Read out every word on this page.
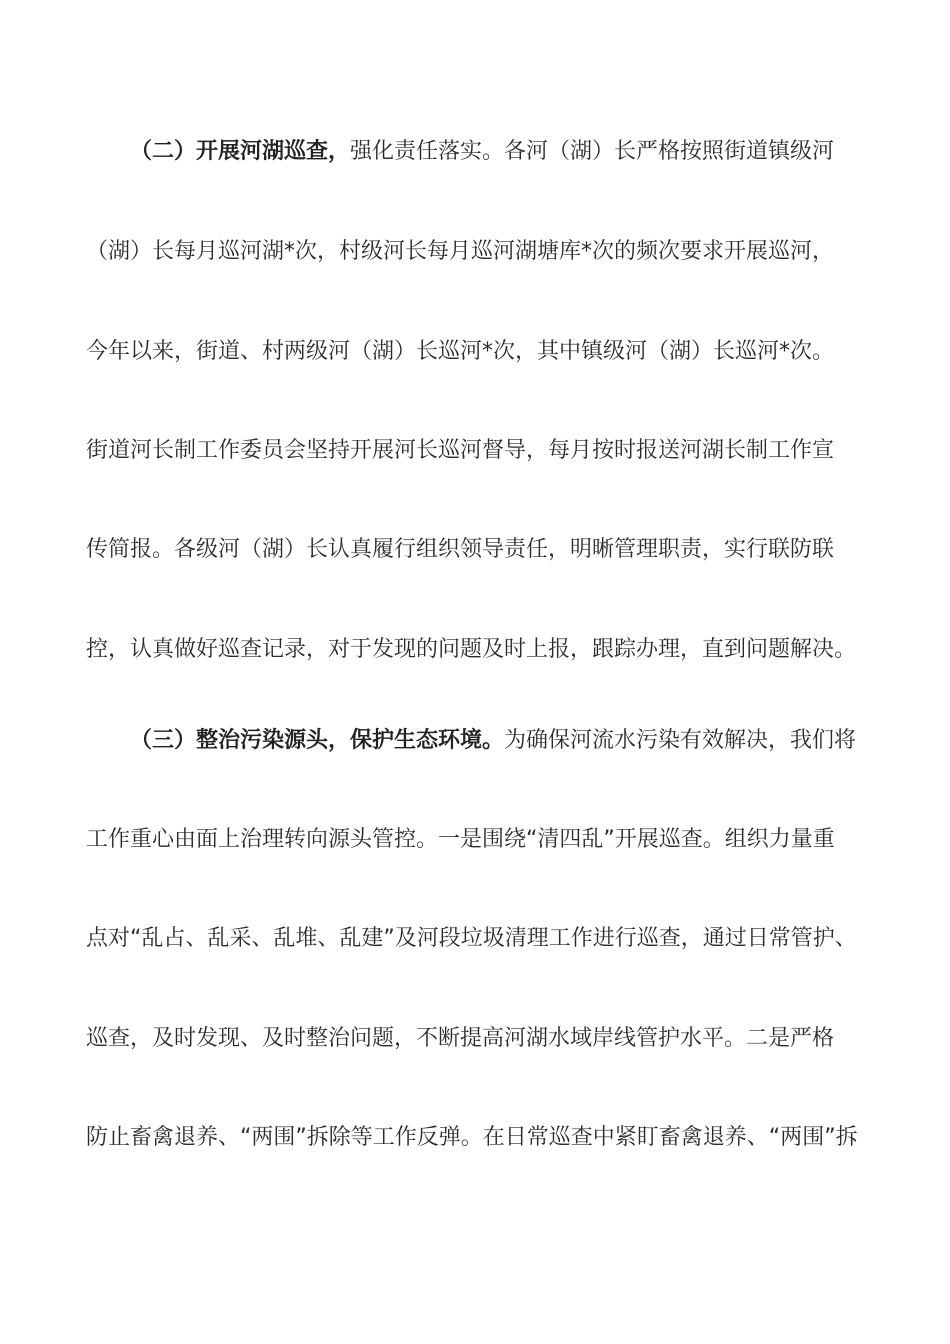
（二）开展河湖巡查，强化责任落实。各河（湖）长严格按照街道镇级河
（湖）长每月巡河湖*次，村级河长每月巡河湖塘库*次的频次要求开展巡河，
今年以来，街道、村两级河（湖）长巡河*次，其中镇级河（湖）长巡河*次。
街道河长制工作委员会坚持开展河长巡河督导，每月按时报送河湖长制工作宣
传简报。各级河（湖）长认真履行组织领导责任，明晰管理职责，实行联防联
控，认真做好巡查记录，对于发现的问题及时上报，跟踪办理，直到问题解决。
（三）整治污染源头，保护生态环境。为确保河流水污染有效解决，我们将
工作重心由面上治理转向源头管控。一是围绕“清四乱”开展巡查。组织力量重
点对“乱占、乱采、乱堆、乱建”及河段垃圾清理工作进行巡查，通过日常管护、
巡查，及时发现、及时整治问题，不断提高河湖水域岸线管护水平。二是严格
防止畜禽退养、“两围”拆除等工作反弹。在日常巡查中紧盯畜禽退养、“两围”拆
